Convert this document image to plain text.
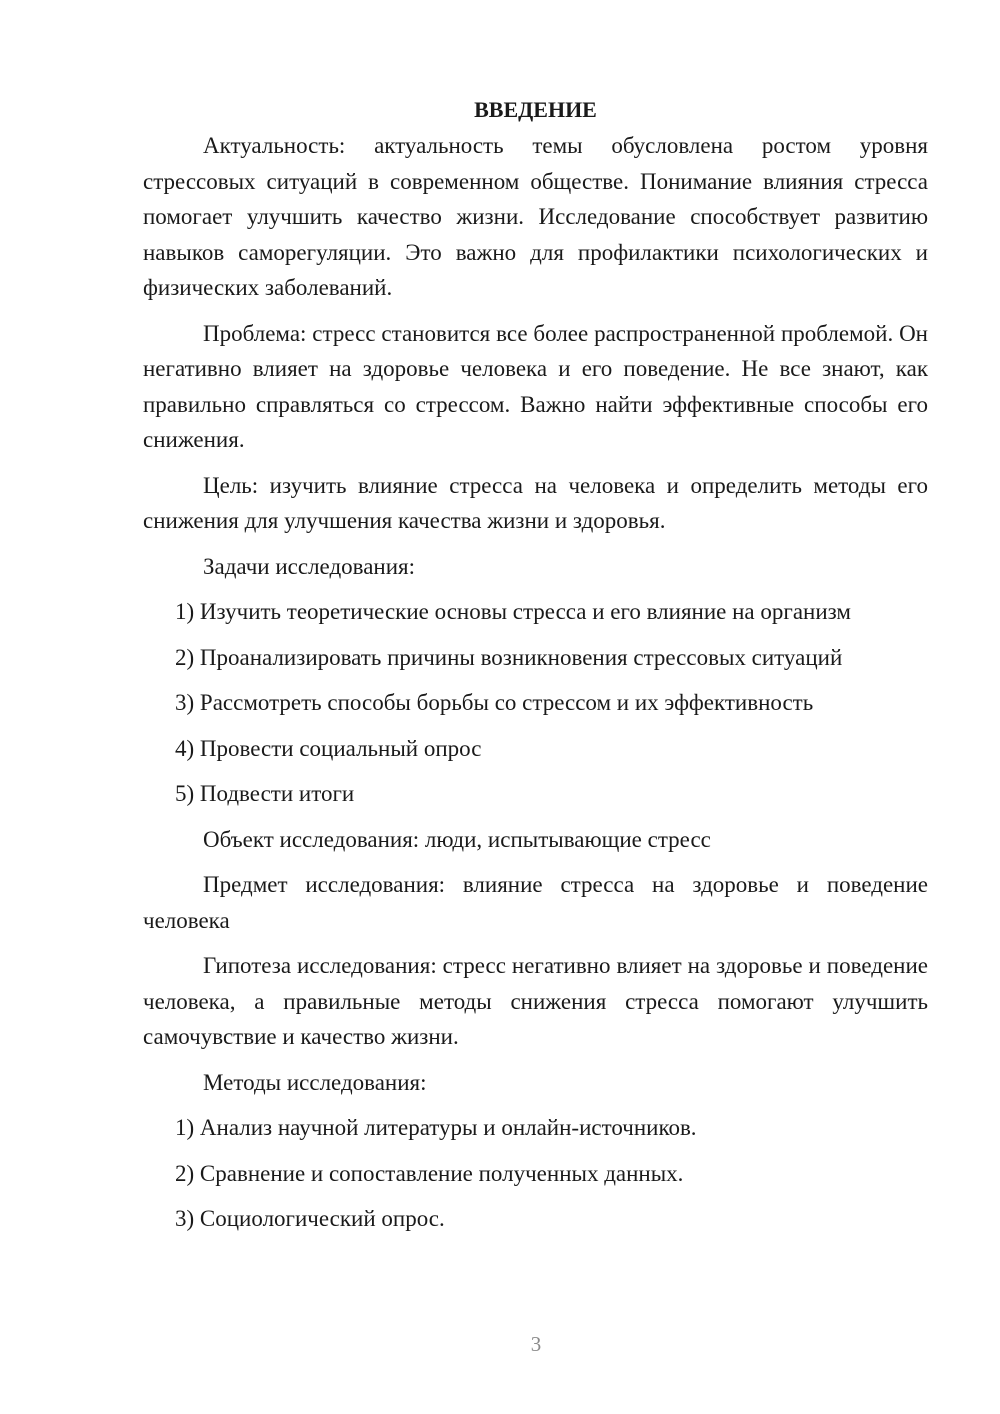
ВВЕДЕНИЕ
Актуальность: актуальность темы обусловлена ростом уровня стрессовых ситуаций в современном обществе. Понимание влияния стресса помогает улучшить качество жизни. Исследование способствует развитию навыков саморегуляции. Это важно для профилактики психологических и физических заболеваний.
Проблема: стресс становится все более распространенной проблемой. Он негативно влияет на здоровье человека и его поведение. Не все знают, как правильно справляться со стрессом. Важно найти эффективные способы его снижения.
Цель: изучить влияние стресса на человека и определить методы его снижения для улучшения качества жизни и здоровья.
Задачи исследования:
1) Изучить теоретические основы стресса и его влияние на организм
2) Проанализировать причины возникновения стрессовых ситуаций
3) Рассмотреть способы борьбы со стрессом и их эффективность
4) Провести социальный опрос
5) Подвести итоги
Объект исследования: люди, испытывающие стресс
Предмет исследования: влияние стресса на здоровье и поведение человека
Гипотеза исследования: стресс негативно влияет на здоровье и поведение человека, а правильные методы снижения стресса помогают улучшить самочувствие и качество жизни.
Методы исследования:
1) Анализ научной литературы и онлайн-источников.
2) Сравнение и сопоставление полученных данных.
3) Социологический опрос.
3
